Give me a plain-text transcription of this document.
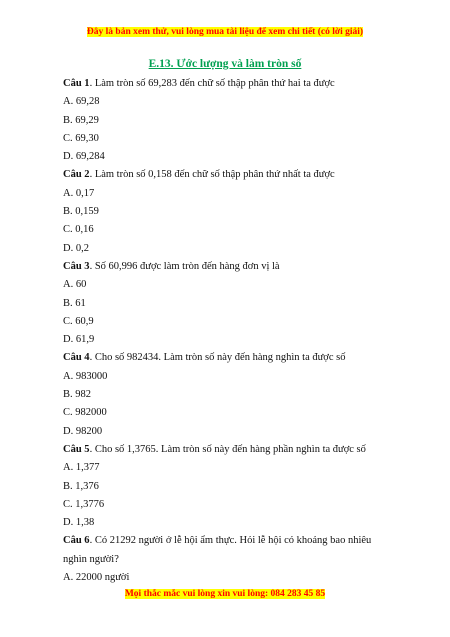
Đây là bản xem thử, vui lòng mua tài liệu để xem chi tiết (có lời giải)
E.13. Ước lượng và làm tròn số

Câu 1. Làm tròn số 69,283 đến chữ số thập phân thứ hai ta được

A. 69,28

B. 69,29

C. 69,30

D. 69,284

Câu 2. Làm tròn số 0,158 đến chữ số thập phân thứ nhất ta được

A. 0,17

B. 0,159

C. 0,16

D. 0,2

Câu 3. Số 60,996 được làm tròn đến hàng đơn vị là

A. 60

B. 61

C. 60,9

D. 61,9

Câu 4. Cho số 982434. Làm tròn số này đến hàng nghìn ta được số

A. 983000

B. 982

C. 982000

D. 98200

Câu 5. Cho số 1,3765. Làm tròn số này đến hàng phần nghìn ta được số

A. 1,377

B. 1,376

C. 1,3776

D. 1,38

Câu 6. Có 21292 người ở lễ hội ẩm thực. Hỏi lễ hội có khoảng bao nhiêu nghìn người?

A. 22000 người

Mọi thắc mắc vui lòng xin vui lòng: 084 283 45 85
